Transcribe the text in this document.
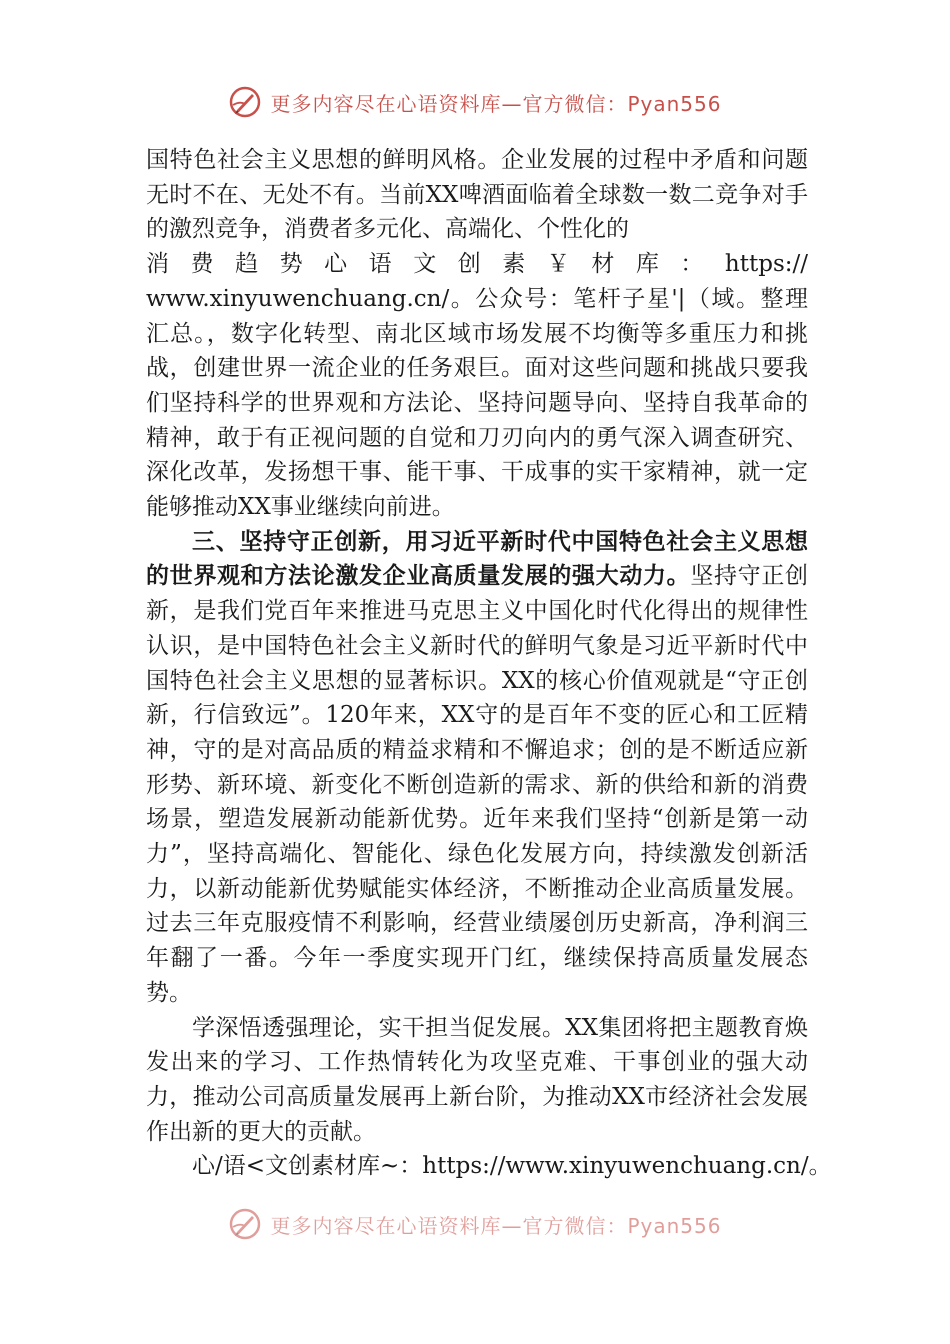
更多内容尽在心语资料库—官方微信：Pyan556

国特色社会主义思想的鲜明风格。企业发展的过程中矛盾和问题无时不在、无处不有。当前XX啤酒面临着全球数一数二竞争对手的激烈竞争，消费者多元化、高端化、个性化的

消费趋势心语文创素￥材库：https://

www.xinyuwenchuang.cn/。公众号：笔杆子星'|（域。整理汇总。，数字化转型、南北区域市场发展不均衡等多重压力和挑战，创建世界一流企业的任务艰巨。面对这些问题和挑战只要我们坚持科学的世界观和方法论、坚持问题导向、坚持自我革命的精神，敢于有正视问题的自觉和刀刃向内的勇气深入调查研究、深化改革，发扬想干事、能干事、干成事的实干家精神，就一定能够推动XX事业继续向前进。

三、坚持守正创新，用习近平新时代中国特色社会主义思想的世界观和方法论激发企业高质量发展的强大动力。坚持守正创新，是我们党百年来推进马克思主义中国化时代化得出的规律性认识，是中国特色社会主义新时代的鲜明气象是习近平新时代中国特色社会主义思想的显著标识。XX的核心价值观就是“守正创新，行信致远”。120年来，XX守的是百年不变的匠心和工匠精神，守的是对高品质的精益求精和不懈追求；创的是不断适应新形势、新环境、新变化不断创造新的需求、新的供给和新的消费场景，塑造发展新动能新优势。近年来我们坚持“创新是第一动力”，坚持高端化、智能化、绿色化发展方向，持续激发创新活力，以新动能新优势赋能实体经济，不断推动企业高质量发展。过去三年克服疫情不利影响，经营业绩屡创历史新高，净利润三年翻了一番。今年一季度实现开门红，继续保持高质量发展态势。

学深悟透强理论，实干担当促发展。XX集团将把主题教育焕发出来的学习、工作热情转化为攻坚克难、干事创业的强大动力，推动公司高质量发展再上新台阶，为推动XX市经济社会发展作出新的更大的贡献。

心/语<文创素材库~：https://www.xinyuwenchuang.cn/。

更多内容尽在心语资料库—官方微信：Pyan556
